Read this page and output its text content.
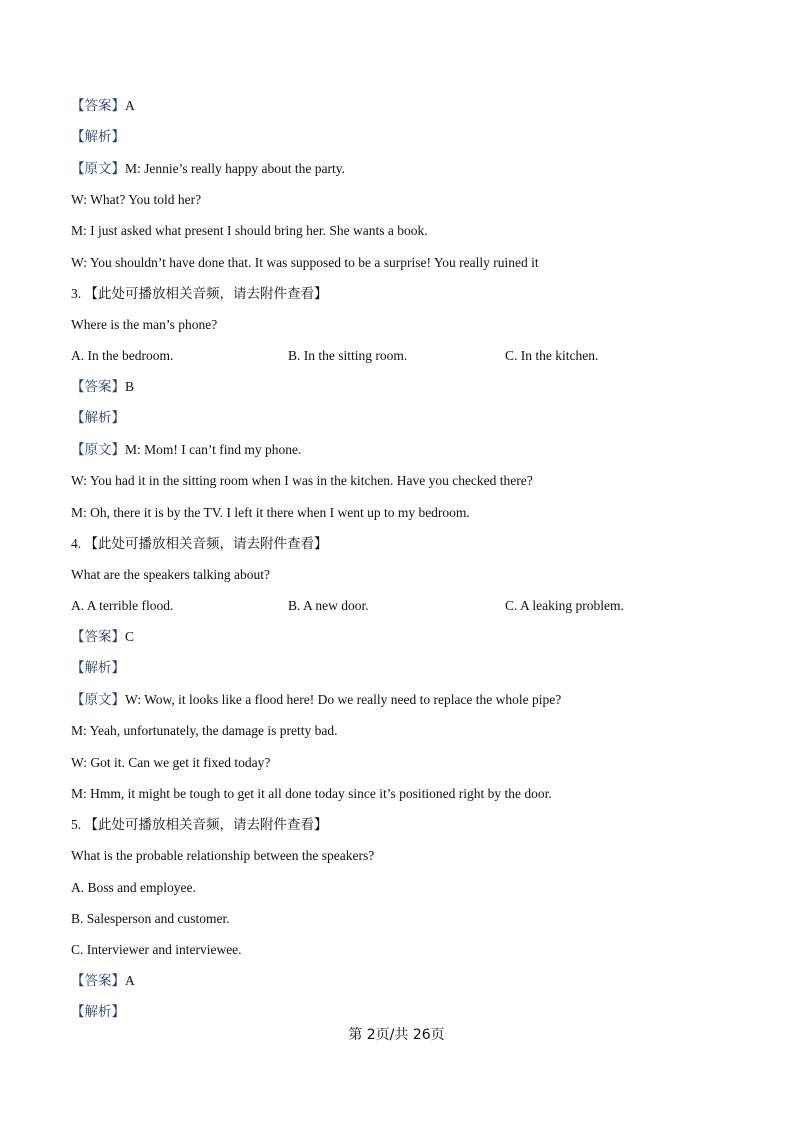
【答案】A
【解析】
【原文】M: Jennie’s really happy about the party.
W: What? You told her?
M: I just asked what present I should bring her. She wants a book.
W: You shouldn’t have done that. It was supposed to be a surprise! You really ruined it
3. 【此处可播放相关音频，请去附件查看】
Where is the man’s phone?
A. In the bedroom.	B. In the sitting room.	C. In the kitchen.
【答案】B
【解析】
【原文】M: Mom! I can’t find my phone.
W: You had it in the sitting room when I was in the kitchen. Have you checked there?
M: Oh, there it is by the TV. I left it there when I went up to my bedroom.
4. 【此处可播放相关音频，请去附件查看】
What are the speakers talking about?
A. A terrible flood.	B. A new door.	C. A leaking problem.
【答案】C
【解析】
【原文】W: Wow, it looks like a flood here! Do we really need to replace the whole pipe?
M: Yeah, unfortunately, the damage is pretty bad.
W: Got it. Can we get it fixed today?
M: Hmm, it might be tough to get it all done today since it’s positioned right by the door.
5. 【此处可播放相关音频，请去附件查看】
What is the probable relationship between the speakers?
A. Boss and employee.
B. Salesperson and customer.
C. Interviewer and interviewee.
【答案】A
【解析】
第 2页/共 26页
